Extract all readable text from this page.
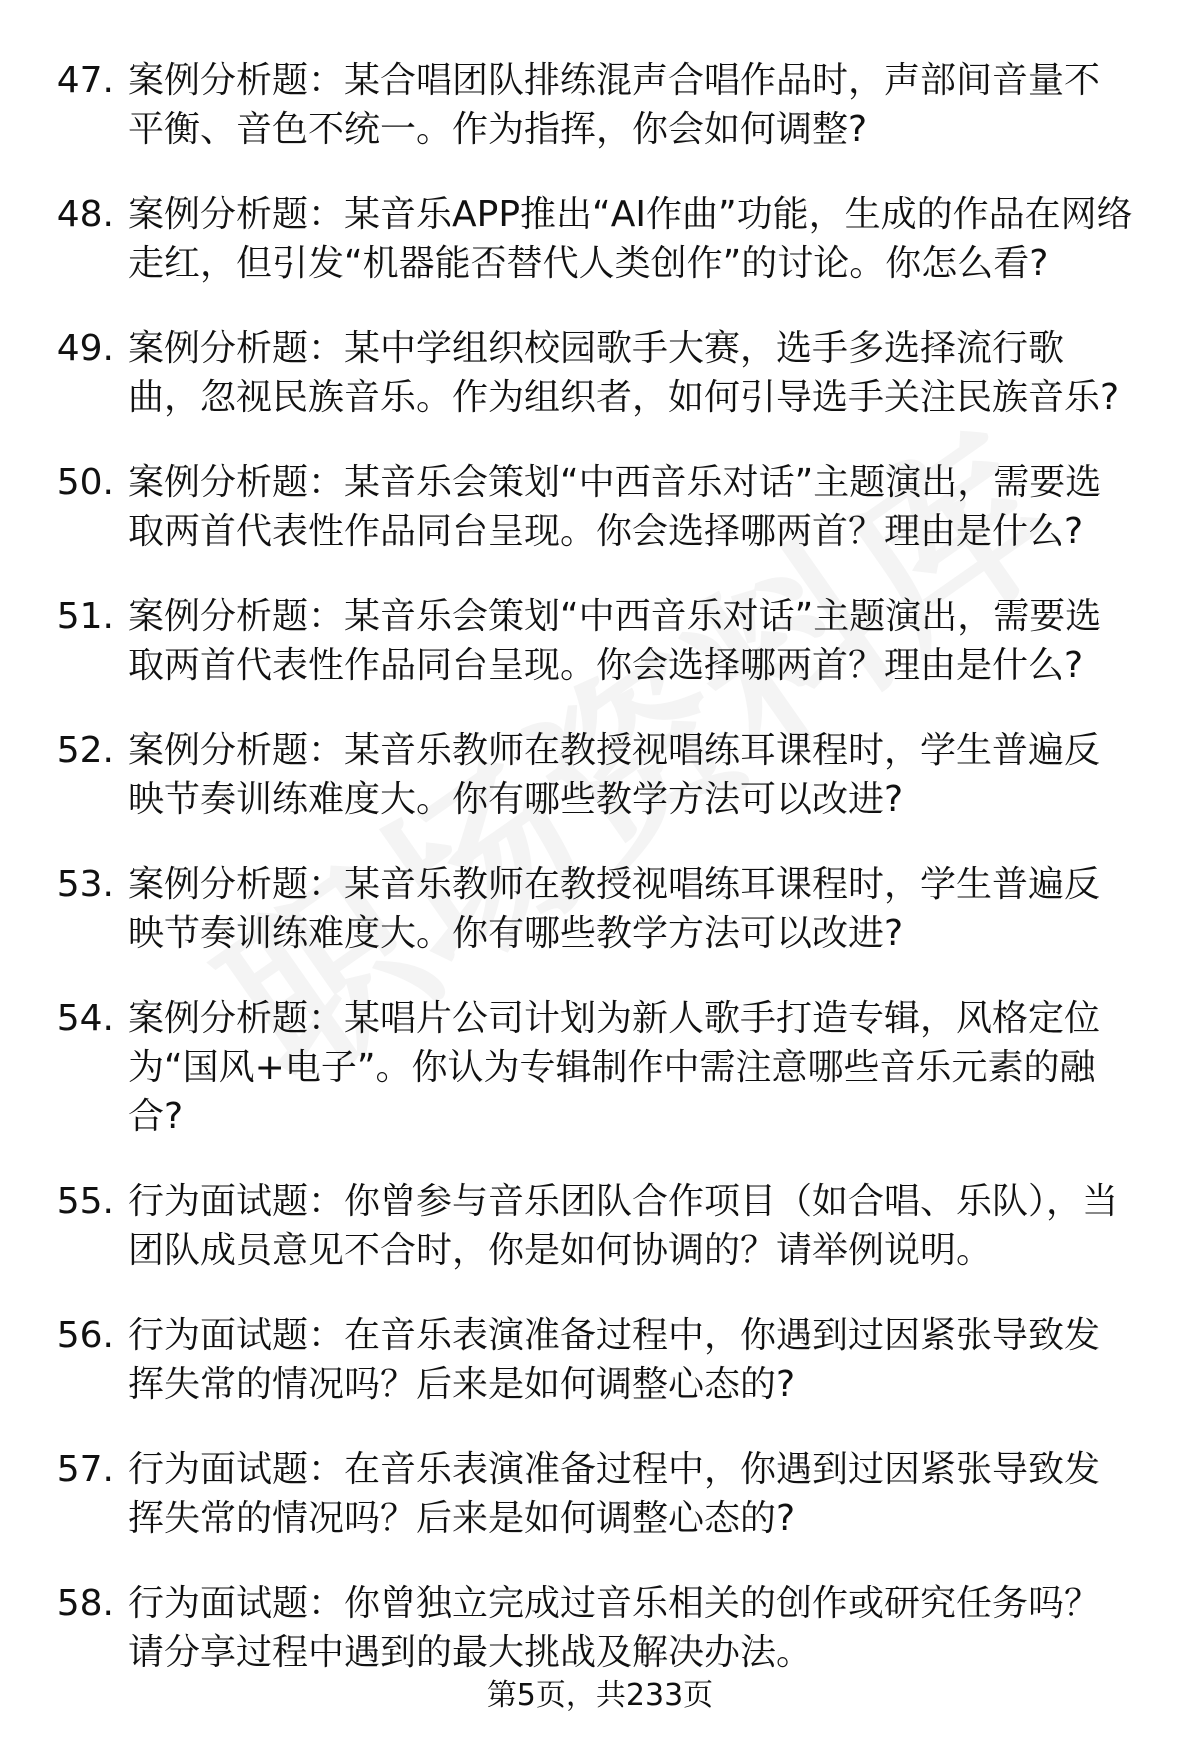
47. 案例分析题：某合唱团队排练混声合唱作品时，声部间音量不平衡、音色不统一。作为指挥，你会如何调整?
48. 案例分析题：某音乐APP推出“AI作曲”功能，生成的作品在网络走红，但引发“机器能否替代人类创作”的讨论。你怎么看?
49. 案例分析题：某中学组织校园歌手大赛，选手多选择流行歌曲，忽视民族音乐。作为组织者，如何引导选手关注民族音乐?
50. 案例分析题：某音乐会策划“中西音乐对话”主题演出，需要选取两首代表性作品同台呈现。你会选择哪两首？理由是什么?
51. 案例分析题：某音乐会策划“中西音乐对话”主题演出，需要选取两首代表性作品同台呈现。你会选择哪两首？理由是什么?
52. 案例分析题：某音乐教师在教授视唱练耳课程时，学生普遍反映节奏训练难度大。你有哪些教学方法可以改进?
53. 案例分析题：某音乐教师在教授视唱练耳课程时，学生普遍反映节奏训练难度大。你有哪些教学方法可以改进?
54. 案例分析题：某唱片公司计划为新人歌手打造专辑，风格定位为“国风+电子”。你认为专辑制作中需注意哪些音乐元素的融合?
55. 行为面试题：你曾参与音乐团队合作项目（如合唱、乐队），当团队成员意见不合时，你是如何协调的？请举例说明。
56. 行为面试题：在音乐表演准备过程中，你遇到过因紧张导致发挥失常的情况吗？后来是如何调整心态的?
57. 行为面试题：在音乐表演准备过程中，你遇到过因紧张导致发挥失常的情况吗？后来是如何调整心态的?
58. 行为面试题：你曾独立完成过音乐相关的创作或研究任务吗？请分享过程中遇到的最大挑战及解决办法。
第5页，共233页
